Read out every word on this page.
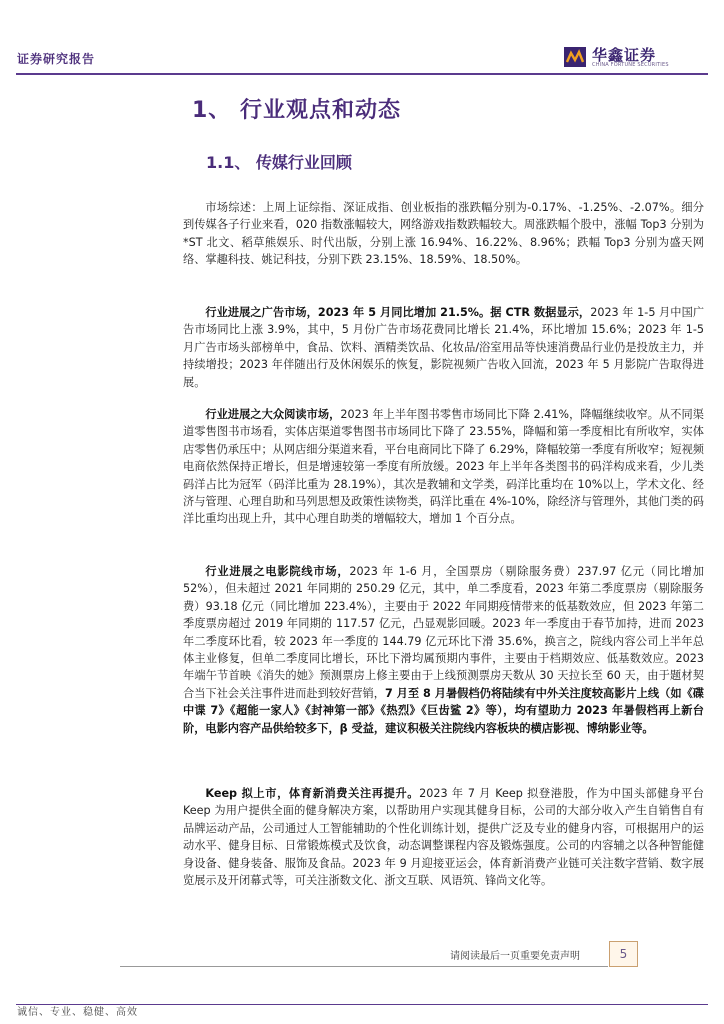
证券研究报告	华鑫证券
CHINA FORTUNE SECURITIES
1、 行业观点和动态
1.1、 传媒行业回顾

市场综述：上周上证综指、深证成指、创业板指的涨跌幅分别为-0.17%、-1.25%、-2.07%。细分到传媒各子行业来看，020 指数涨幅较大，网络游戏指数跌幅较大。周涨跌幅个股中，涨幅 Top3 分别为*ST 北文、稻草熊娱乐、时代出版，分别上涨 16.94%、16.22%、8.96%；跌幅 Top3 分别为盛天网络、掌趣科技、姚记科技，分别下跌 23.15%、18.59%、18.50%。

行业进展之广告市场，2023 年 5 月同比增加 21.5%。据 CTR 数据显示，2023 年 1-5 月中国广告市场同比上涨 3.9%，其中，5 月份广告市场花费同比增长 21.4%，环比增加 15.6%；2023 年 1-5 月广告市场头部榜单中，食品、饮料、酒精类饮品、化妆品/浴室用品等快速消费品行业仍是投放主力，并持续增投；2023 年伴随出行及休闲娱乐的恢复，影院视频广告收入回流，2023 年 5 月影院广告取得进展。

行业进展之大众阅读市场，2023 年上半年图书零售市场同比下降 2.41%，降幅继续收窄。从不同渠道零售图书市场看，实体店渠道零售图书市场同比下降了 23.55%，降幅和第一季度相比有所收窄，实体店零售仍承压中；从网店细分渠道来看，平台电商同比下降了 6.29%，降幅较第一季度有所收窄；短视频电商依然保持正增长，但是增速较第一季度有所放缓。2023 年上半年各类图书的码洋构成来看，少儿类码洋占比为冠军（码洋比重为 28.19%），其次是教辅和文学类，码洋比重均在 10%以上，学术文化、经济与管理、心理自助和马列思想及政策性读物类，码洋比重在 4%-10%，除经济与管理外，其他门类的码洋比重均出现上升，其中心理自助类的增幅较大，增加 1 个百分点。

行业进展之电影院线市场，2023 年 1-6 月，全国票房（剔除服务费）237.97 亿元（同比增加 52%），但未超过 2021 年同期的 250.29 亿元，其中，单二季度看，2023 年第二季度票房（剔除服务费）93.18 亿元（同比增加 223.4%），主要由于 2022 年同期疫情带来的低基数效应，但 2023 年第二季度票房超过 2019 年同期的 117.57 亿元，凸显观影回暖。2023 年一季度由于春节加持，进而 2023 年二季度环比看，较 2023 年一季度的 144.79 亿元环比下滑 35.6%，换言之，院线内容公司上半年总体主业修复，但单二季度同比增长，环比下滑均属预期内事件，主要由于档期效应、低基数效应。2023 年端午节首映《消失的她》预测票房上修主要由于上线预测票房天数从 30 天拉长至 60 天，由于题材契合当下社会关注事件进而赴到较好营销，7 月至 8 月暑假档仍将陆续有中外关注度较高影片上线（如《碟中谍 7》《超能一家人》《封神第一部》《热烈》《巨齿鲨 2》等），均有望助力 2023 年暑假档再上新台阶，电影内容产品供给较多下，β 受益，建议积极关注院线内容板块的横店影视、博纳影业等。

Keep 拟上市，体育新消费关注再提升。2023 年 7 月 Keep 拟登港股，作为中国头部健身平台 Keep 为用户提供全面的健身解决方案，以帮助用户实现其健身目标，公司的大部分收入产生自销售自有品牌运动产品，公司通过人工智能辅助的个性化训练计划，提供广泛及专业的健身内容，可根据用户的运动水平、健身目标、日常锻炼模式及饮食，动态调整课程内容及锻炼强度。公司的内容辅之以各种智能健身设备、健身装备、服饰及食品。2023 年 9 月迎接亚运会，体育新消费产业链可关注数字营销、数字展览展示及开闭幕式等，可关注浙数文化、浙文互联、风语筑、锋尚文化等。

请阅读最后一页重要免责声明	5
诚信、专业、稳健、高效
